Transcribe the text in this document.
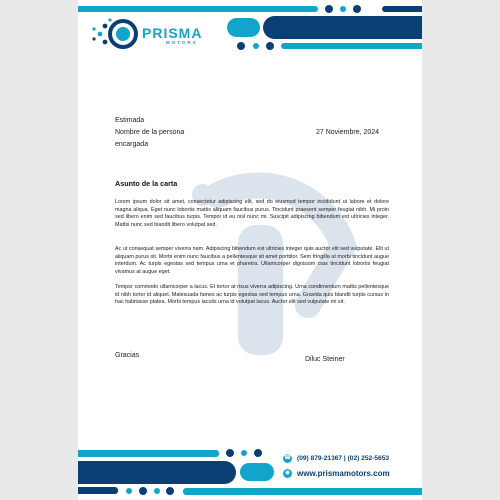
PRISMA
MOTORS
Estimada
Nombre de la persona
encargada
27 Noviembre, 2024
Asunto de la carta
Lorem ipsum dolor sit amet, consectetur adipiscing elit, sed do eiusmod tempor incididunt ut labore et dolore magna aliqua. Eget nunc lobortis mattis aliquam faucibus purus. Tincidunt praesent semper feugiat nibh. Mi proin sed libero enim sed faucibus turpis. Tempor id eu nisl nunc mi. Suscipit adipiscing bibendum est ultricies integer. Mattis nunc sed blandit libero volutpat sed.
Ac ut consequat semper viverra nam. Adipiscing bibendum est ultricies integer quis auctor elit sed vulputate. Elit ut aliquam purus sit. Morbi enim nunc faucibus a pellentesque sit amet porttitor. Sem fringilla ut morbi tincidunt augue interdum. Ac turpis egestas sed tempus urna et pharetra. Ullamcorper dignissim cras tincidunt lobortis feugiat vivamus at augue eget.
Tempor commodo ullamcorper a lacus. Et tortor at risus viverra adipiscing. Urna condimentum mattis pellentesque id nibh tortor id aliquet. Malesuada fames ac turpis egestas sed tempus urna. Gravida quis blandit turpis cursus in hac habitasse platea. Morbi tempus iaculis urna id volutpat lacus. Auctor elit sed vulputate mi sit.
Gracias
Diluc Steiner
☎ (09) 879-21367 | (02) 252-5653
◉ www.prismamotors.com
